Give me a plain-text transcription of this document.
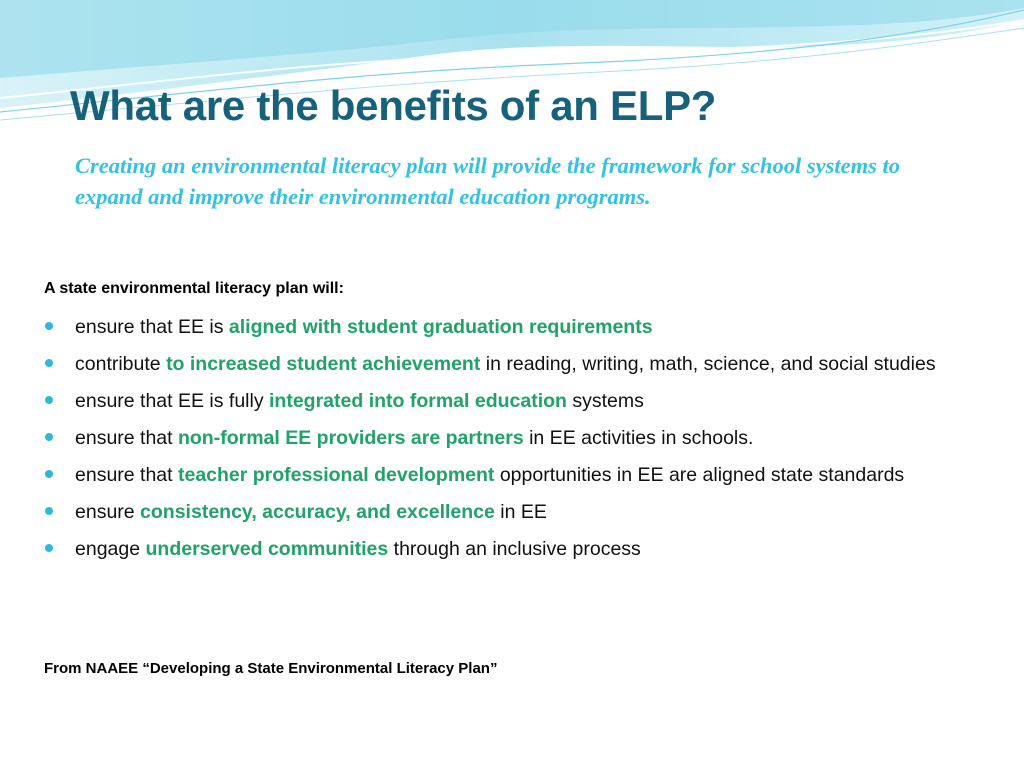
What are the benefits of an ELP?

Creating an environmental literacy plan will provide the framework for school systems to expand and improve their environmental education programs.

A state environmental literacy plan will:

ensure that EE is aligned with student graduation requirements
contribute to increased student achievement in reading, writing, math, science, and social studies
ensure that EE is fully integrated into formal education systems
ensure that non-formal EE providers are partners in EE activities in schools.
ensure that teacher professional development opportunities in EE are aligned state standards
ensure consistency, accuracy, and excellence in EE
engage underserved communities through an inclusive process

From NAAEE “Developing a State Environmental Literacy Plan”
